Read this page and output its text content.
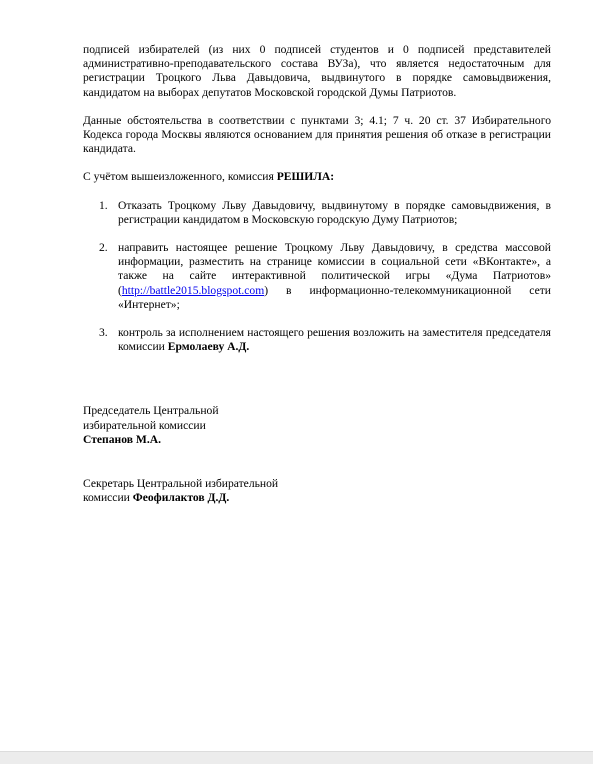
подписей избирателей (из них 0 подписей студентов и 0 подписей представителей административно-преподавательского состава ВУЗа), что является недостаточным для регистрации Троцкого Льва Давыдовича, выдвинутого в порядке самовыдвижения, кандидатом на выборах депутатов Московской городской Думы Патриотов.

Данные обстоятельства в соответствии с пунктами 3; 4.1; 7 ч. 20 ст. 37 Избирательного Кодекса города Москвы являются основанием для принятия решения об отказе в регистрации кандидата.

С учётом вышеизложенного, комиссия РЕШИЛА:

1. Отказать Троцкому Льву Давыдовичу, выдвинутому в порядке самовыдвижения, в регистрации кандидатом в Московскую городскую Думу Патриотов;
2. направить настоящее решение Троцкому Льву Давыдовичу, в средства массовой информации, разместить на странице комиссии в социальной сети «ВКонтакте», а также на сайте интерактивной политической игры «Дума Патриотов» (http://battle2015.blogspot.com) в информационно-телекоммуникационной сети «Интернет»;
3. контроль за исполнением настоящего решения возложить на заместителя председателя комиссии Ермолаеву А.Д.
Председатель Центральной
избирательной комиссии
Степанов М.А.
Секретарь Центральной избирательной
комиссии Феофилактов Д.Д.
